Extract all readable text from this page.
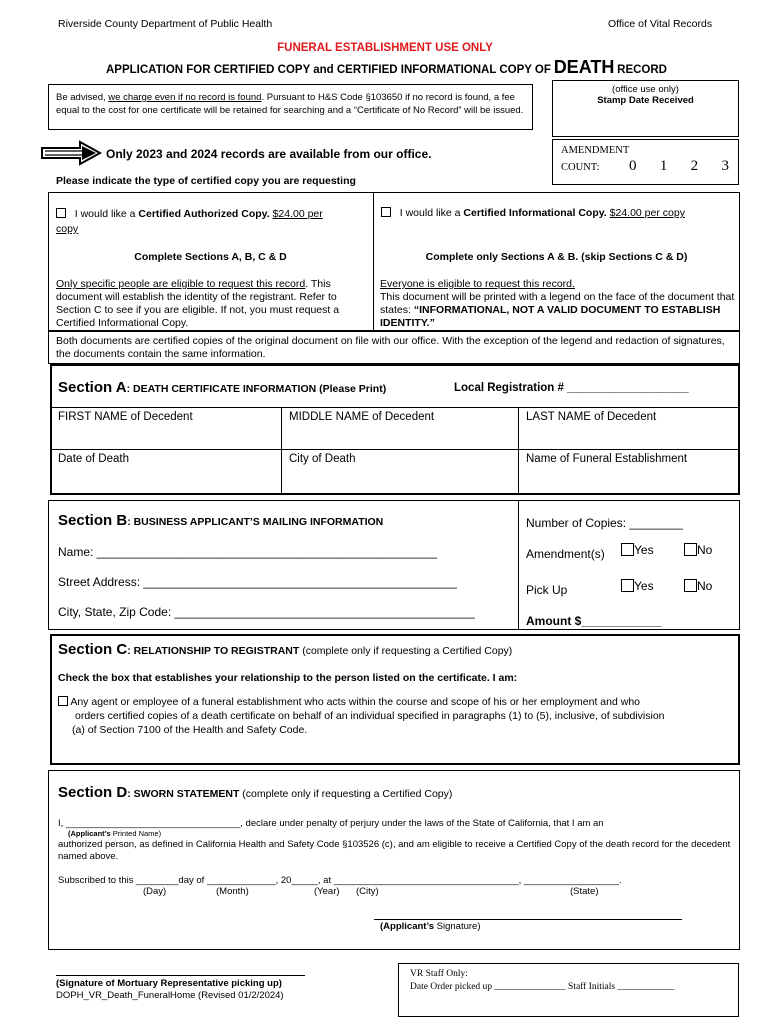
Riverside County Department of Public Health	Office of Vital Records
FUNERAL ESTABLISHMENT USE ONLY
APPLICATION FOR CERTIFIED COPY and CERTIFIED INFORMATIONAL COPY OF DEATH RECORD
Be advised, we charge even if no record is found. Pursuant to H&S Code §103650 if no record is found, a fee equal to the cost for one certificate will be retained for searching and a “Certificate of No Record” will be issued.
(office use only)
Stamp Date Received
Only 2023 and 2024 records are available from our office.	AMENDMENT
COUNT: 0 1 2 3
Please indicate the type of certified copy you are requesting
I would like a Certified Authorized Copy. $24.00 per
copy
I would like a Certified Informational Copy. $24.00 per copy
Complete Sections A, B, C & D	Complete only Sections A & B. (skip Sections C & D)
Only specific people are eligible to request this record. This document will establish the identity of the registrant. Refer to Section C to see if you are eligible. If not, you must request a Certified Informational Copy.
Everyone is eligible to request this record.
This document will be printed with a legend on the face of the document that states: “INFORMATIONAL, NOT A VALID DOCUMENT TO ESTABLISH IDENTITY.”
Both documents are certified copies of the original document on file with our office. With the exception of the legend and redaction of signatures, the documents contain the same information.
Section A: DEATH CERTIFICATE INFORMATION (Please Print)	Local Registration # ___________________
FIRST NAME of Decedent	MIDDLE NAME of Decedent	LAST NAME of Decedent
Date of Death	City of Death	Name of Funeral Establishment
Section B: BUSINESS APPLICANT’S MAILING INFORMATION
Name: ___________________________________________________
Street Address: _______________________________________________
City, State, Zip Code: _____________________________________________
Number of Copies: ________
Amendment(s)	Yes	No
Pick Up	Yes	No
Amount $____________
Section C: RELATIONSHIP TO REGISTRANT (complete only if requesting a Certified Copy)
Check the box that establishes your relationship to the person listed on the certificate. I am:
Any agent or employee of a funeral establishment who acts within the course and scope of his or her employment and who
orders certified copies of a death certificate on behalf of an individual specified in paragraphs (1) to (5), inclusive, of subdivision
(a) of Section 7100 of the Health and Safety Code.
Section D: SWORN STATEMENT (complete only if requesting a Certified Copy)
I, _________________________________, declare under penalty of perjury under the laws of the State of California, that I am an
(Applicant’s Printed Name)
authorized person, as defined in California Health and Safety Code §103526 (c), and am eligible to receive a Certified Copy of the death record for the decedent named above.
Subscribed to this ________day of _____________, 20_____, at ___________________________________, __________________.
(Day)	(Month)	(Year) (City)	(State)
(Applicant’s Signature)
(Signature of Mortuary Representative picking up)
DOPH_VR_Death_FuneralHome (Revised 01/2/2024)
VR Staff Only:
Date Order picked up _______________ Staff Initials ____________
